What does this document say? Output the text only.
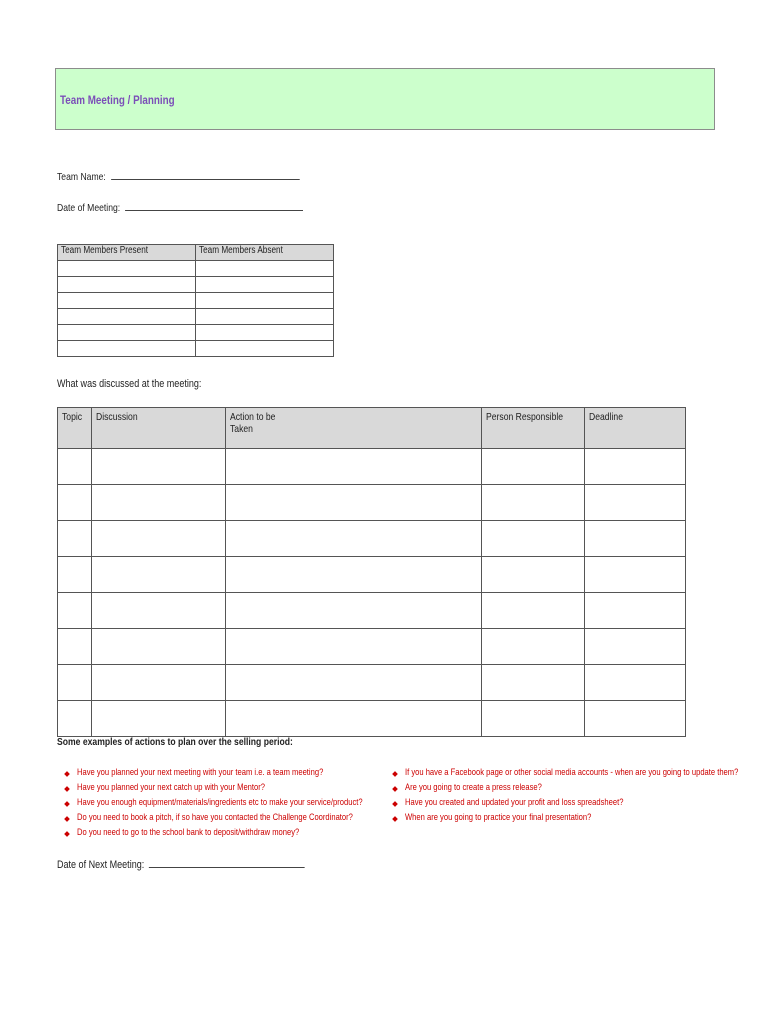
Team Meeting / Planning
Team Name:
Date of Meeting:
Team Members Present	Team Members Absent

What was discussed at the meeting:
Topic	Discussion	Action to be Taken	Person Responsible	Deadline

Some examples of actions to plan over the selling period:
Have you planned your next meeting with your team i.e. a team meeting?
Have you planned your next catch up with your Mentor?
Have you enough equipment/materials/ingredients etc to make your service/product?
Do you need to book a pitch, if so have you contacted the Challenge Coordinator?
Do you need to go to the school bank to deposit/withdraw money?
If you have a Facebook page or other social media accounts - when are you going to update them?
Are you going to create a press release?
Have you created and updated your profit and loss spreadsheet?
When are you going to practice your final presentation?
Date of Next Meeting:
